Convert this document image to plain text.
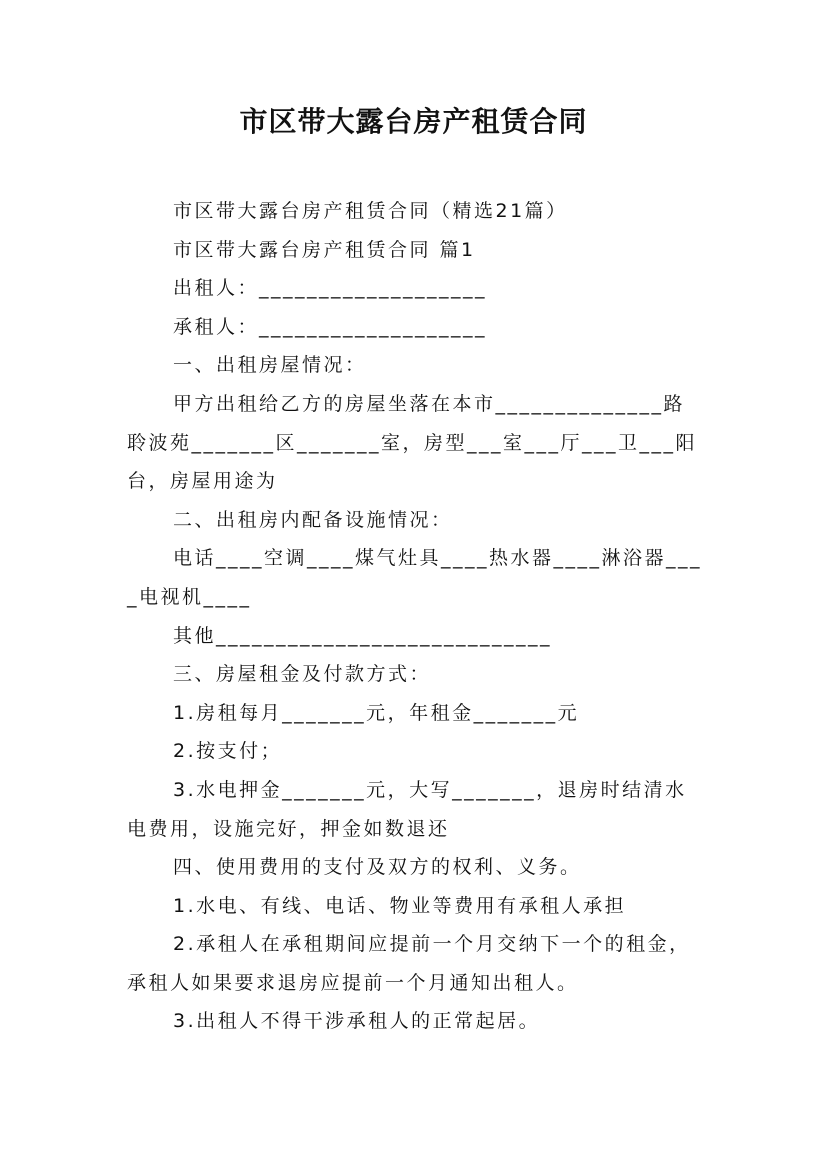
市区带大露台房产租赁合同

市区带大露台房产租赁合同（精选21篇）

市区带大露台房产租赁合同 篇1

出租人：___________________

承租人：___________________

一、出租房屋情况：

甲方出租给乙方的房屋坐落在本市______________路聆波苑_______区_______室，房型___室___厅___卫___阳台，房屋用途为

二、出租房内配备设施情况：

电话____空调____煤气灶具____热水器____淋浴器____电视机____

其他____________________________

三、房屋租金及付款方式：

1.房租每月_______元，年租金_______元

2.按支付；

3.水电押金_______元，大写_______，退房时结清水电费用，设施完好，押金如数退还

四、使用费用的支付及双方的权利、义务。

1.水电、有线、电话、物业等费用有承租人承担

2.承租人在承租期间应提前一个月交纳下一个的租金，承租人如果要求退房应提前一个月通知出租人。

3.出租人不得干涉承租人的正常起居。
